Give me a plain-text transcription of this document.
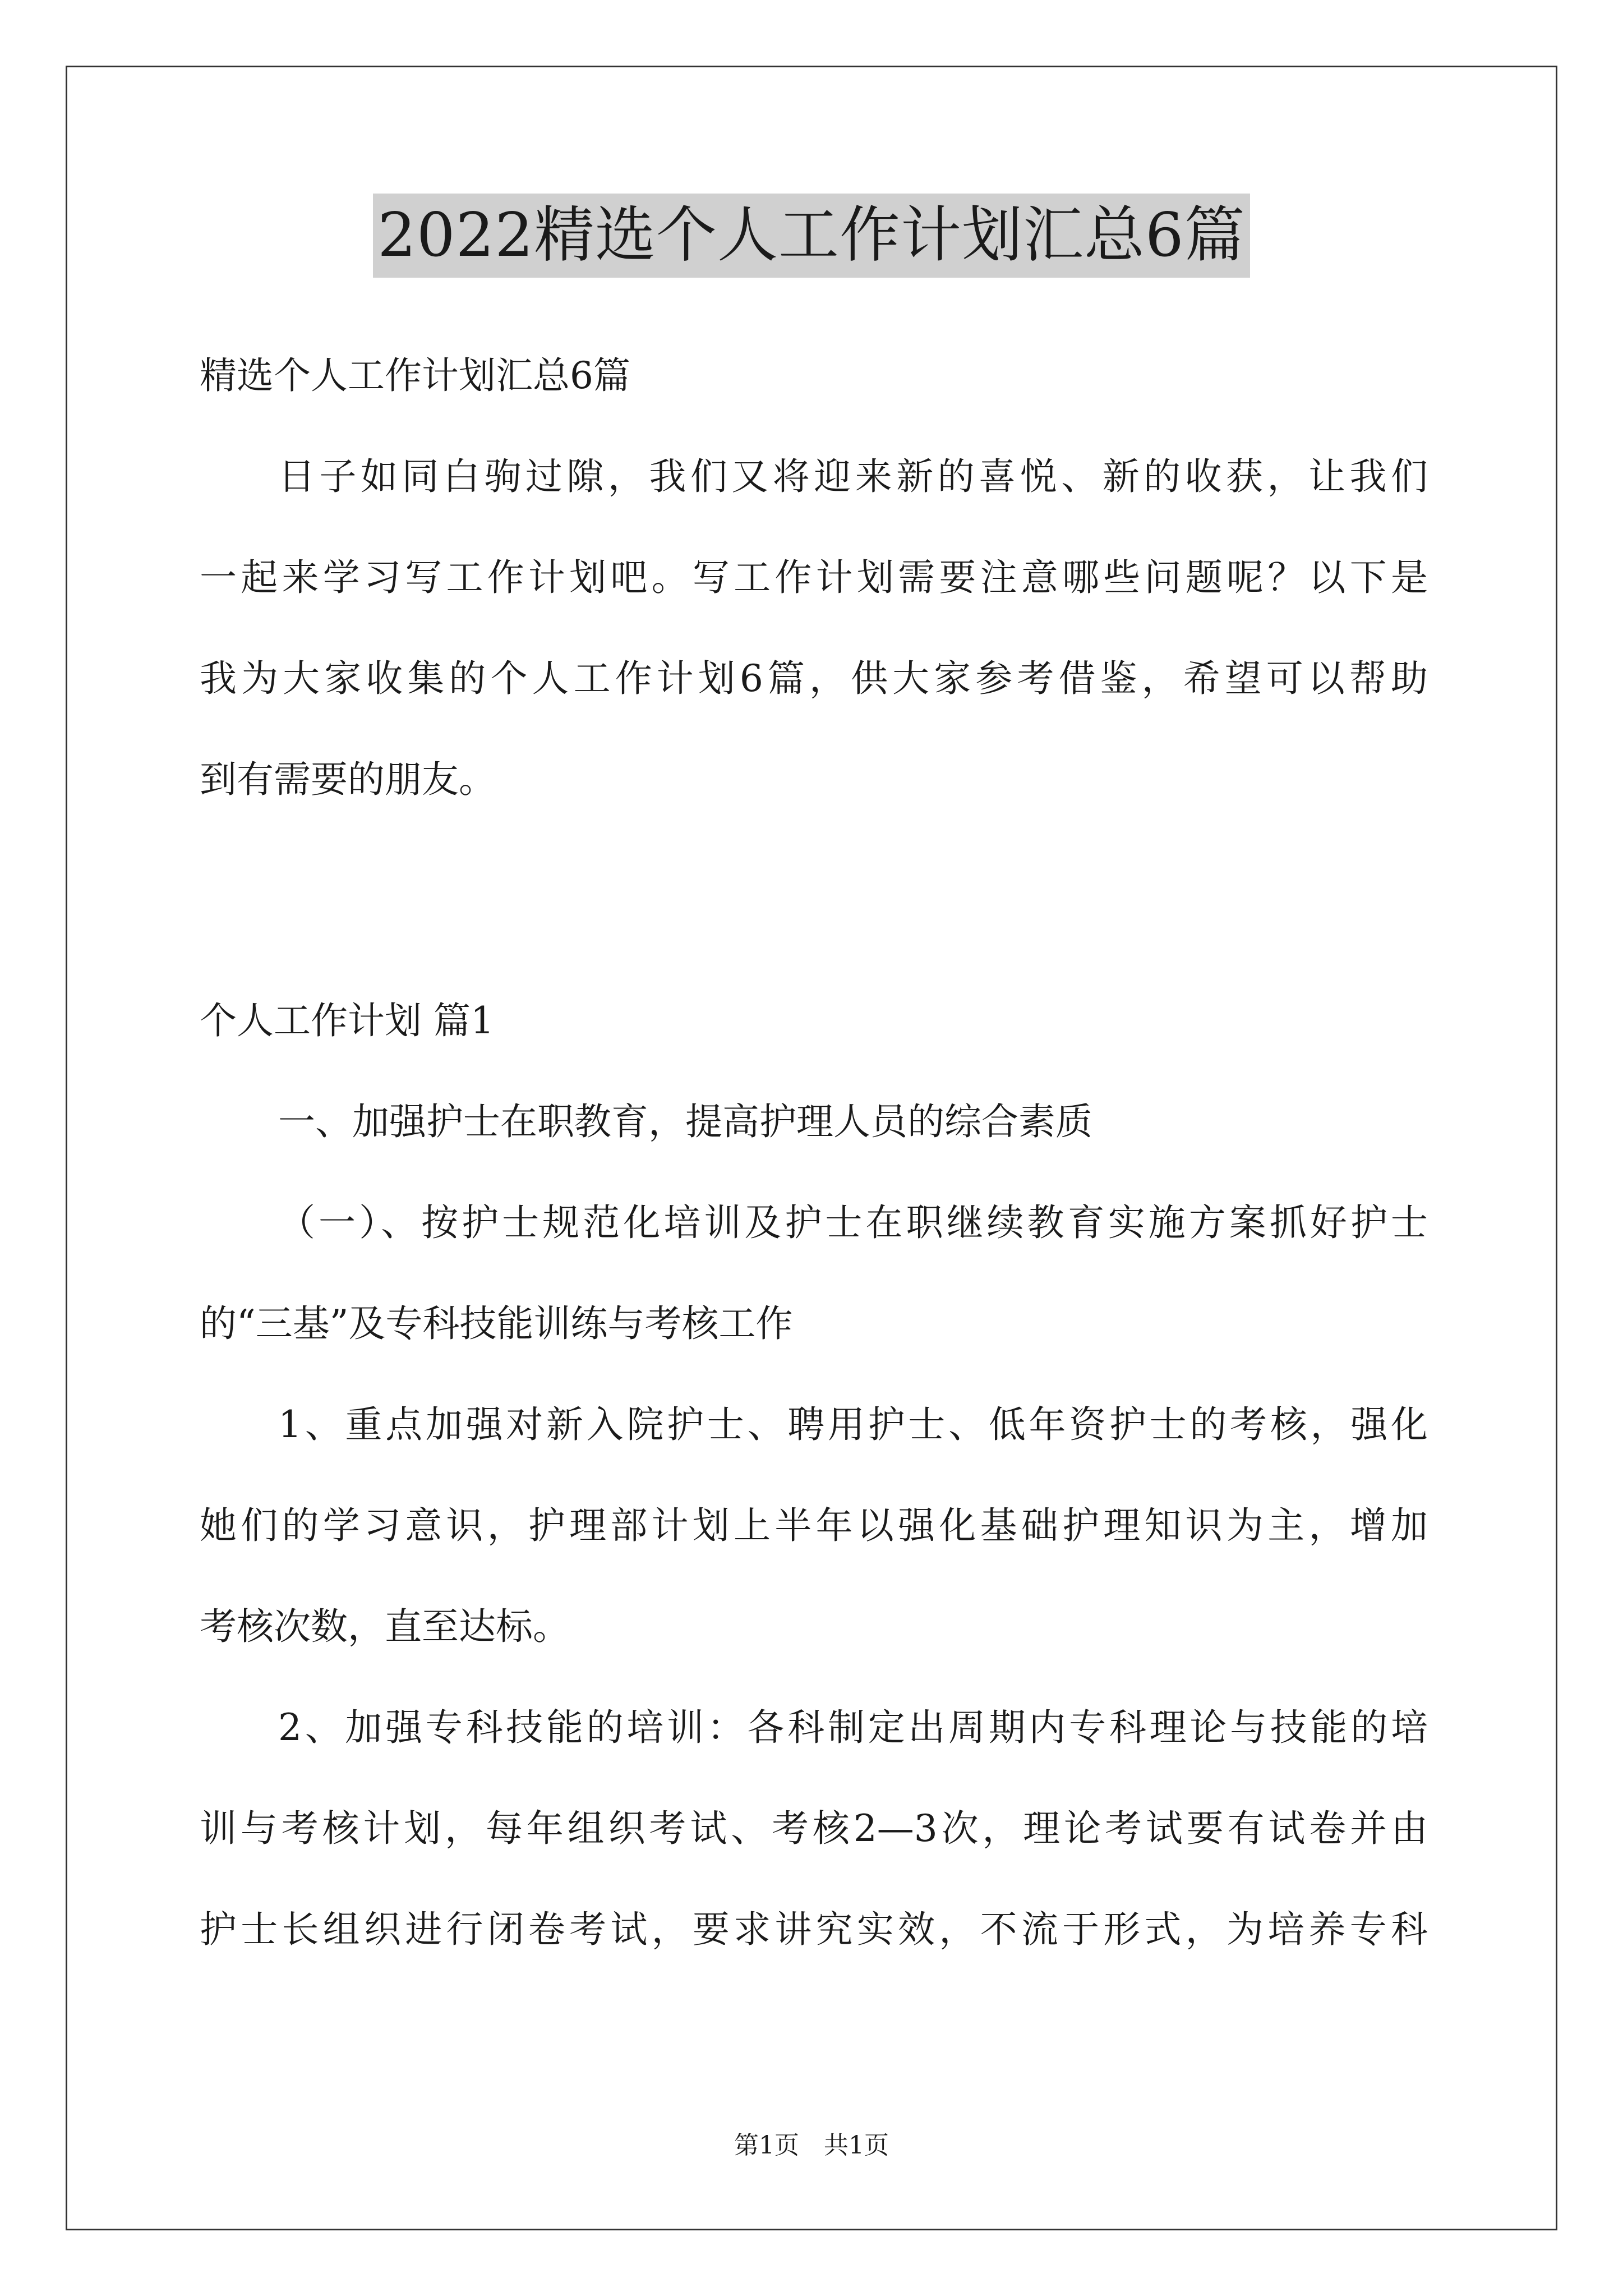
2022精选个人工作计划汇总6篇
精选个人工作计划汇总6篇
日子如同白驹过隙，我们又将迎来新的喜悦、新的收获，让我们
一起来学习写工作计划吧。写工作计划需要注意哪些问题呢？以下是
我为大家收集的个人工作计划6篇，供大家参考借鉴，希望可以帮助
到有需要的朋友。
个人工作计划 篇1
一、加强护士在职教育，提高护理人员的综合素质
（一）、按护士规范化培训及护士在职继续教育实施方案抓好护士
的“三基”及专科技能训练与考核工作
1、重点加强对新入院护士、聘用护士、低年资护士的考核，强化
她们的学习意识，护理部计划上半年以强化基础护理知识为主，增加
考核次数，直至达标。
2、加强专科技能的培训：各科制定出周期内专科理论与技能的培
训与考核计划，每年组织考试、考核2—3次，理论考试要有试卷并由
护士长组织进行闭卷考试，要求讲究实效，不流于形式，为培养专科
第1页　共1页
